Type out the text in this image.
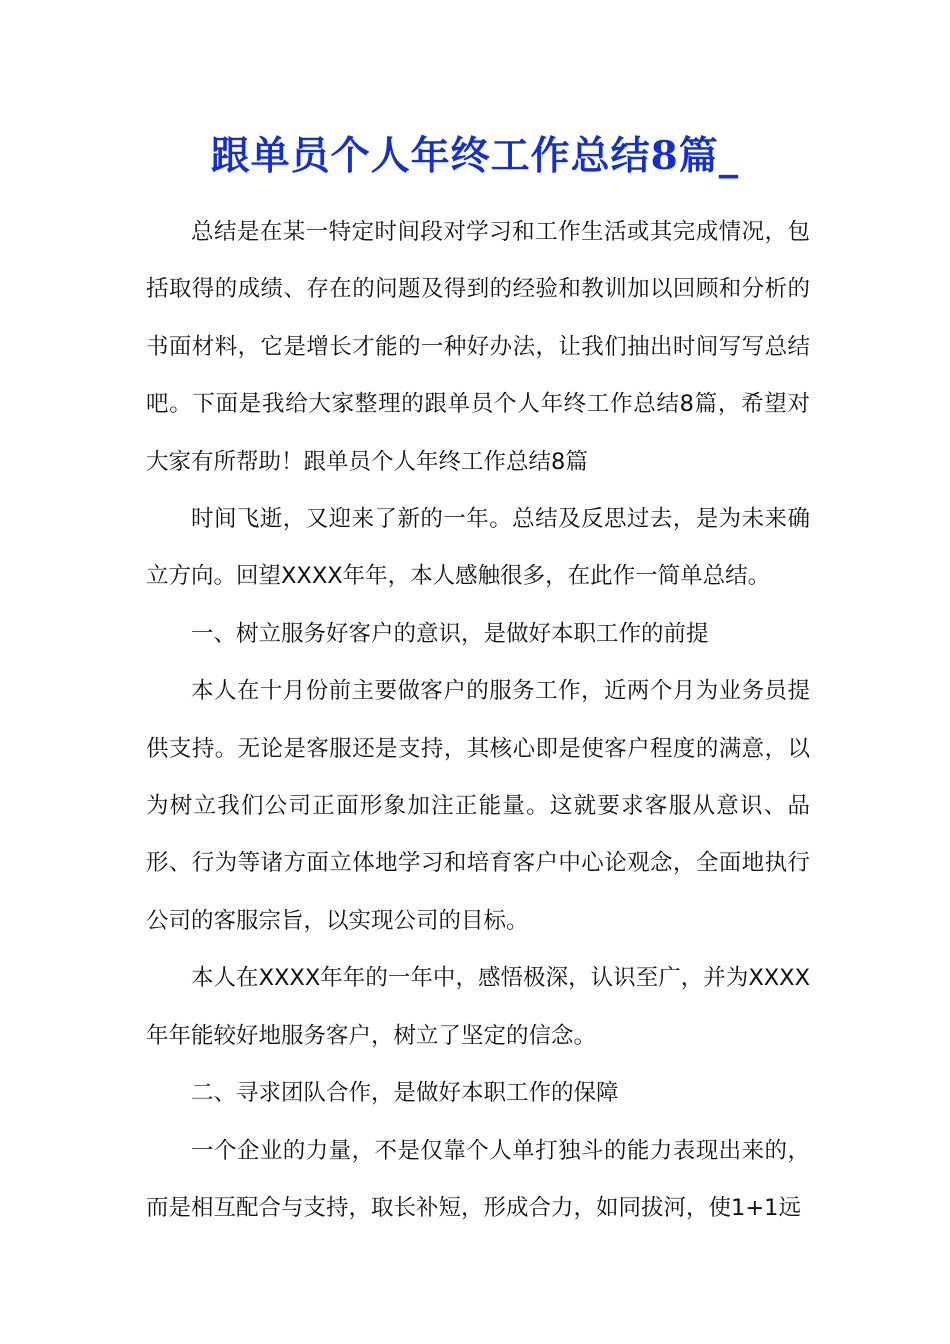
跟单员个人年终工作总结8篇_

总结是在某一特定时间段对学习和工作生活或其完成情况，包括取得的成绩、存在的问题及得到的经验和教训加以回顾和分析的书面材料，它是增长才能的一种好办法，让我们抽出时间写写总结吧。下面是我给大家整理的跟单员个人年终工作总结8篇，希望对大家有所帮助！跟单员个人年终工作总结8篇

时间飞逝，又迎来了新的一年。总结及反思过去，是为未来确立方向。回望XXXX年年，本人感触很多，在此作一简单总结。

一、树立服务好客户的意识，是做好本职工作的前提

本人在十月份前主要做客户的服务工作，近两个月为业务员提供支持。无论是客服还是支持，其核心即是使客户程度的满意，以为树立我们公司正面形象加注正能量。这就要求客服从意识、品形、行为等诸方面立体地学习和培育客户中心论观念，全面地执行公司的客服宗旨，以实现公司的目标。

本人在XXXX年年的一年中，感悟极深，认识至广，并为XXXX年年能较好地服务客户，树立了坚定的信念。

二、寻求团队合作，是做好本职工作的保障

一个企业的力量，不是仅靠个人单打独斗的能力表现出来的，而是相互配合与支持，取长补短，形成合力，如同拔河，使1+1远
